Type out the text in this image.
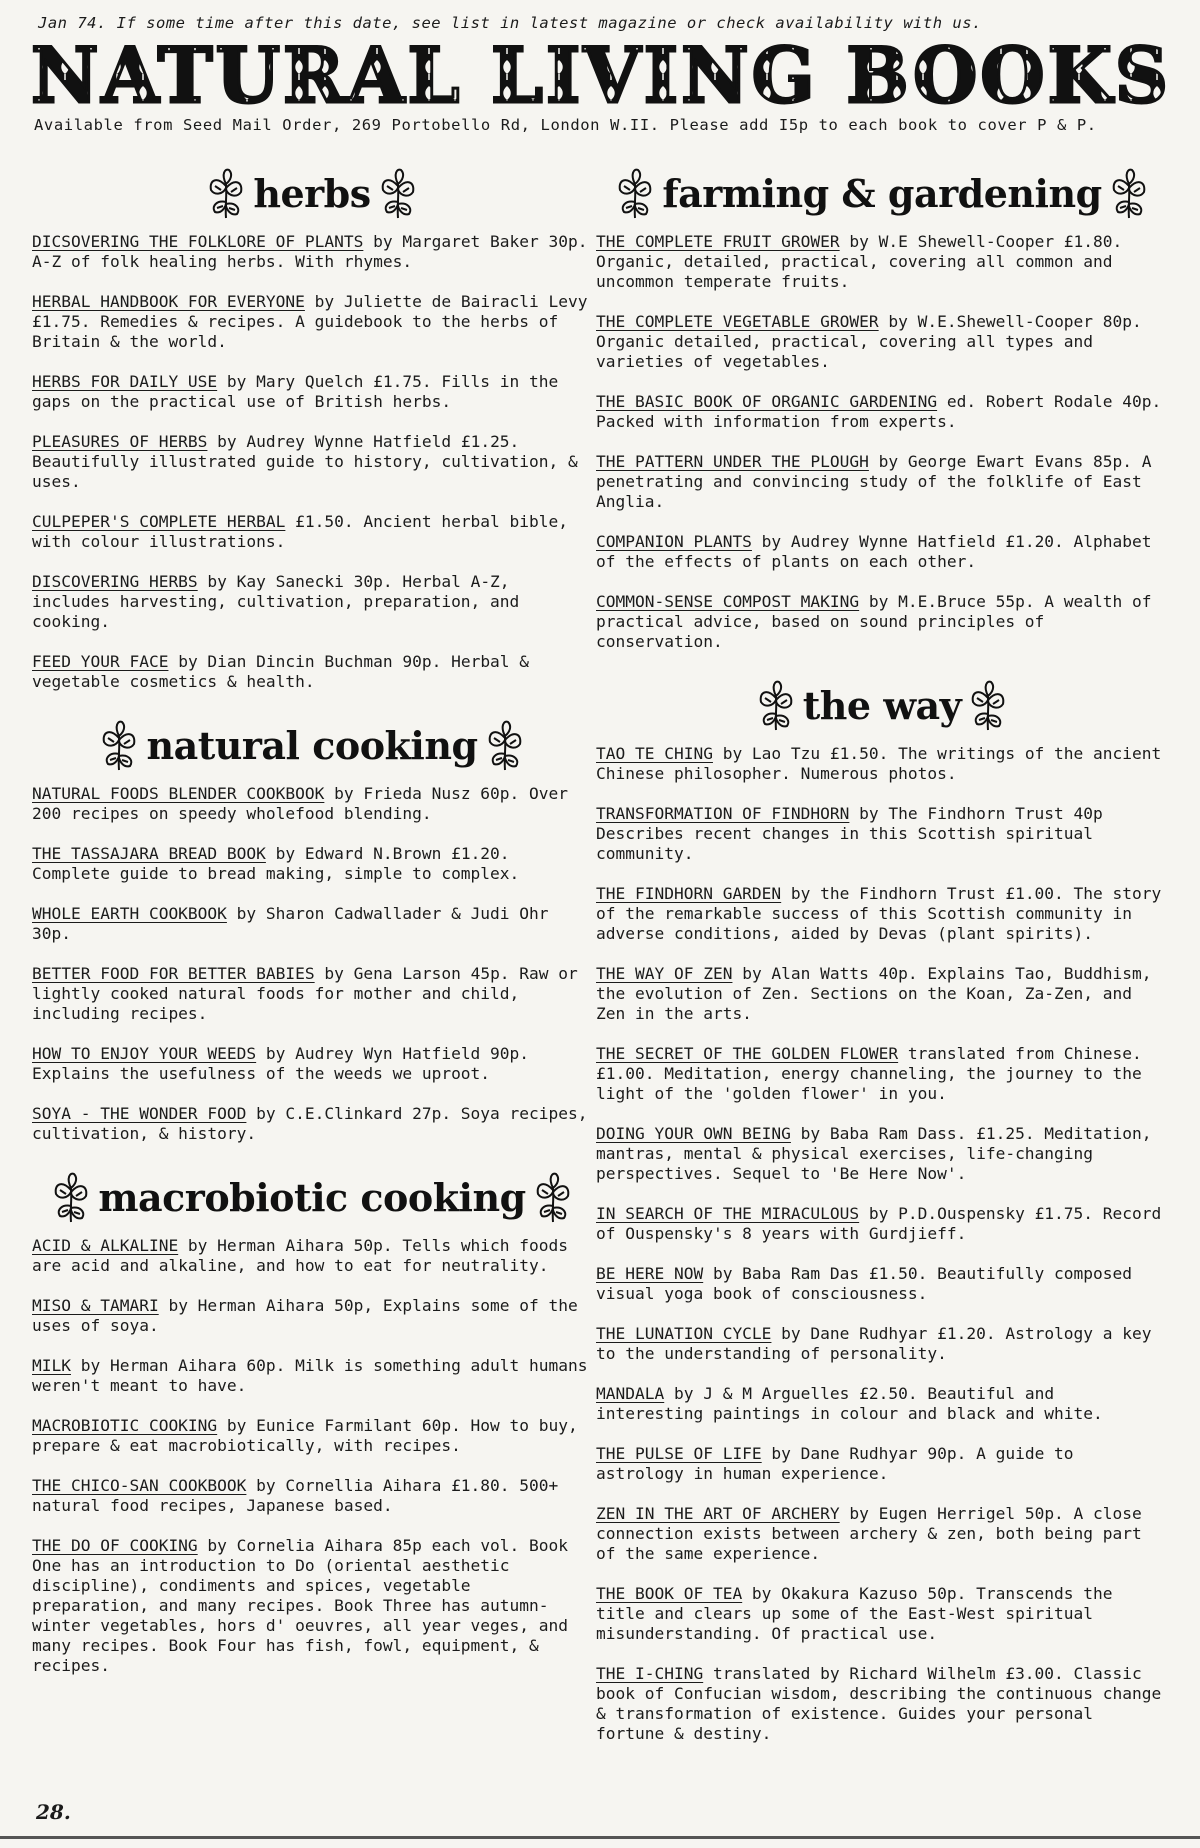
Jan 74. If some time after this date, see list in latest magazine or check availability with us.
NATURAL LIVING BOOKS
Available from Seed Mail Order, 269 Portobello Rd, London W.II. Please add I5p to each book to cover P & P.
herbs

DICSOVERING THE FOLKLORE OF PLANTS by Margaret Baker 30p. A-Z of folk healing herbs. With rhymes.

HERBAL HANDBOOK FOR EVERYONE by Juliette de Bairacli Levy £1.75. Remedies & recipes. A guidebook to the herbs of Britain & the world.

HERBS FOR DAILY USE by Mary Quelch £1.75. Fills in the gaps on the practical use of British herbs.

PLEASURES OF HERBS by Audrey Wynne Hatfield £1.25. Beautifully illustrated guide to history, cultivation, & uses.

CULPEPER'S COMPLETE HERBAL £1.50. Ancient herbal bible, with colour illustrations.

DISCOVERING HERBS by Kay Sanecki 30p. Herbal A-Z, includes harvesting, cultivation, preparation, and cooking.

FEED YOUR FACE by Dian Dincin Buchman 90p. Herbal & vegetable cosmetics & health.

natural cooking

NATURAL FOODS BLENDER COOKBOOK by Frieda Nusz 60p. Over 200 recipes on speedy wholefood blending.

THE TASSAJARA BREAD BOOK by Edward N.Brown £1.20. Complete guide to bread making, simple to complex.

WHOLE EARTH COOKBOOK by Sharon Cadwallader & Judi Ohr 30p.

BETTER FOOD FOR BETTER BABIES by Gena Larson 45p. Raw or lightly cooked natural foods for mother and child, including recipes.

HOW TO ENJOY YOUR WEEDS by Audrey Wyn Hatfield 90p. Explains the usefulness of the weeds we uproot.

SOYA - THE WONDER FOOD by C.E.Clinkard 27p. Soya recipes, cultivation, & history.

macrobiotic cooking

ACID & ALKALINE by Herman Aihara 50p. Tells which foods are acid and alkaline, and how to eat for neutrality.

MISO & TAMARI by Herman Aihara 50p, Explains some of the uses of soya.

MILK by Herman Aihara 60p. Milk is something adult humans weren't meant to have.

MACROBIOTIC COOKING by Eunice Farmilant 60p. How to buy, prepare & eat macrobiotically, with recipes.

THE CHICO-SAN COOKBOOK by Cornellia Aihara £1.80. 500+ natural food recipes, Japanese based.

THE DO OF COOKING by Cornelia Aihara 85p each vol. Book One has an introduction to Do (oriental aesthetic discipline), condiments and spices, vegetable preparation, and many recipes. Book Three has autumn-winter vegetables, hors d' oeuvres, all year veges, and many recipes. Book Four has fish, fowl, equipment, & recipes.

farming & gardening

THE COMPLETE FRUIT GROWER by W.E Shewell-Cooper £1.80. Organic, detailed, practical, covering all common and uncommon temperate fruits.

THE COMPLETE VEGETABLE GROWER by W.E.Shewell-Cooper 80p. Organic detailed, practical, covering all types and varieties of vegetables.

THE BASIC BOOK OF ORGANIC GARDENING ed. Robert Rodale 40p. Packed with information from experts.

THE PATTERN UNDER THE PLOUGH by George Ewart Evans 85p. A penetrating and convincing study of the folklife of East Anglia.

COMPANION PLANTS by Audrey Wynne Hatfield £1.20. Alphabet of the effects of plants on each other.

COMMON-SENSE COMPOST MAKING by M.E.Bruce 55p. A wealth of practical advice, based on sound principles of conservation.

the way

TAO TE CHING by Lao Tzu £1.50. The writings of the ancient Chinese philosopher. Numerous photos.

TRANSFORMATION OF FINDHORN by The Findhorn Trust 40p Describes recent changes in this Scottish spiritual community.

THE FINDHORN GARDEN by the Findhorn Trust £1.00. The story of the remarkable success of this Scottish community in adverse conditions, aided by Devas (plant spirits).

THE WAY OF ZEN by Alan Watts 40p. Explains Tao, Buddhism, the evolution of Zen. Sections on the Koan, Za-Zen, and Zen in the arts.

THE SECRET OF THE GOLDEN FLOWER translated from Chinese. £1.00. Meditation, energy channeling, the journey to the light of the 'golden flower' in you.

DOING YOUR OWN BEING by Baba Ram Dass. £1.25. Meditation, mantras, mental & physical exercises, life-changing perspectives. Sequel to 'Be Here Now'.

IN SEARCH OF THE MIRACULOUS by P.D.Ouspensky £1.75. Record of Ouspensky's 8 years with Gurdjieff.

BE HERE NOW by Baba Ram Das £1.50. Beautifully composed visual yoga book of consciousness.

THE LUNATION CYCLE by Dane Rudhyar £1.20. Astrology a key to the understanding of personality.

MANDALA by J & M Arguelles £2.50. Beautiful and interesting paintings in colour and black and white.

THE PULSE OF LIFE by Dane Rudhyar 90p. A guide to astrology in human experience.

ZEN IN THE ART OF ARCHERY by Eugen Herrigel 50p. A close connection exists between archery & zen, both being part of the same experience.

THE BOOK OF TEA by Okakura Kazuso 50p. Transcends the title and clears up some of the East-West spiritual misunderstanding. Of practical use.

THE I-CHING translated by Richard Wilhelm £3.00. Classic book of Confucian wisdom, describing the continuous change & transformation of existence. Guides your personal fortune & destiny.

28.
